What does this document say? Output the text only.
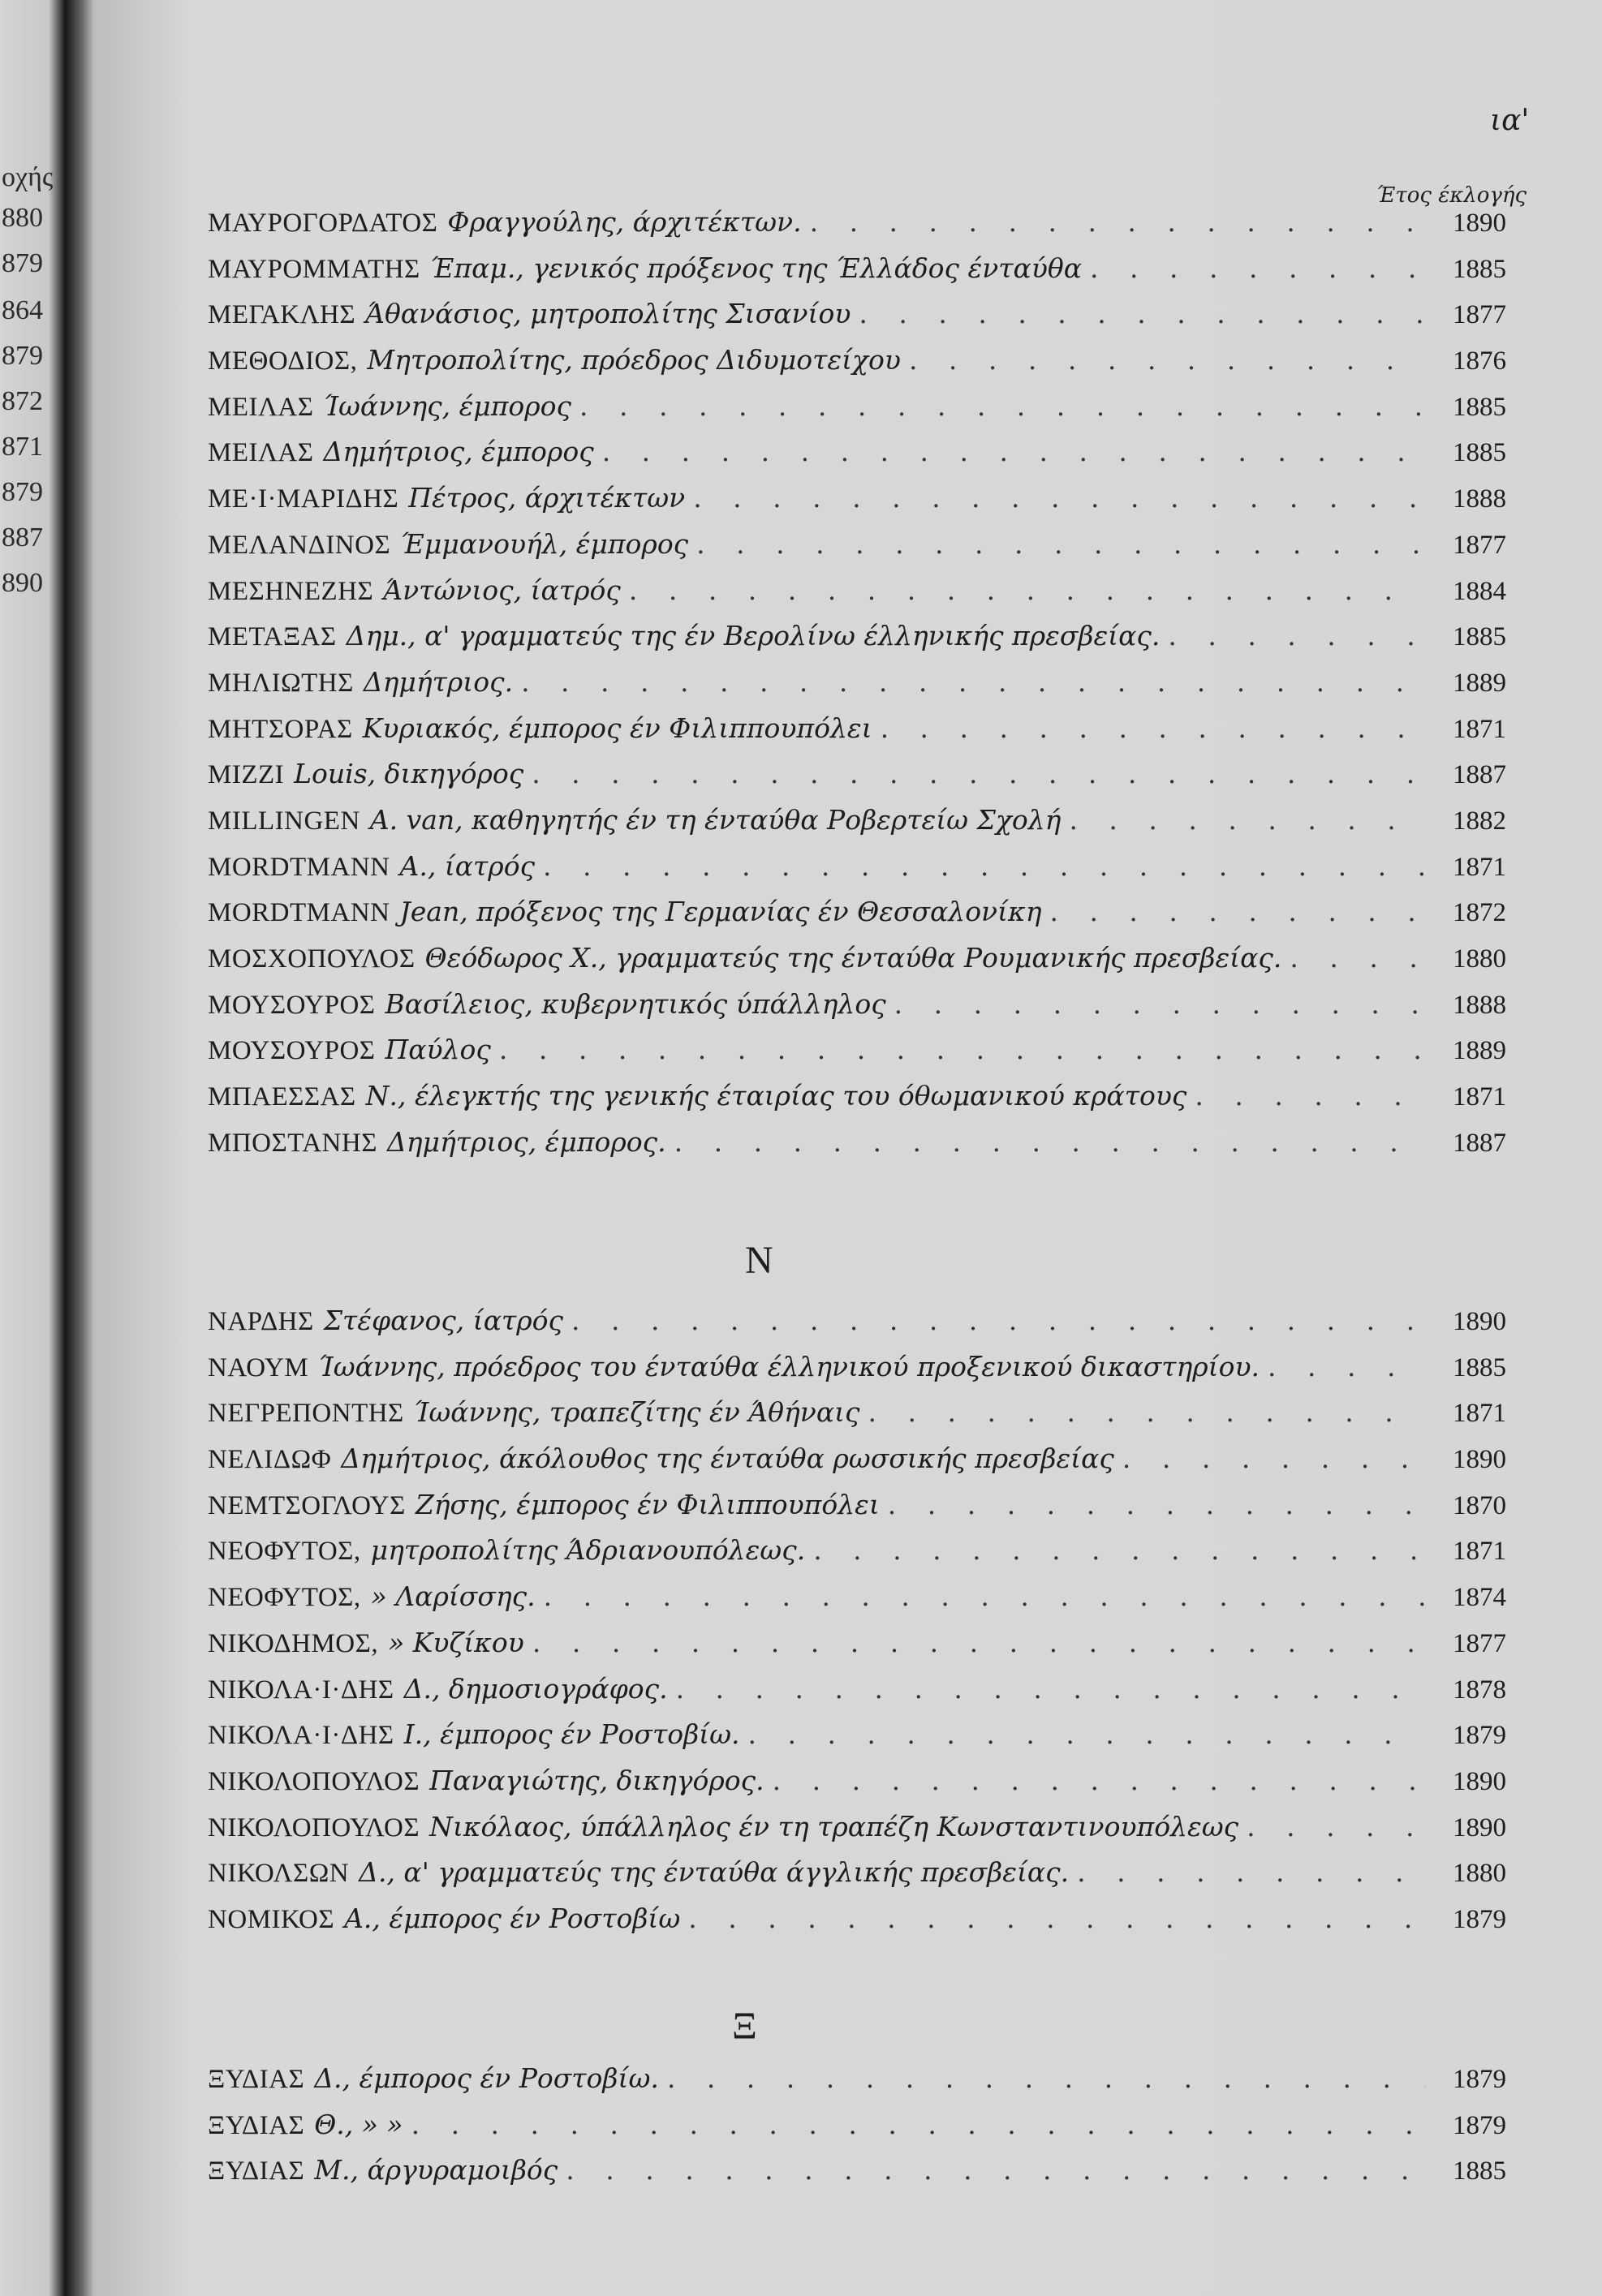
οχής
880
879
864
879
872
871
879
887
890
ια'
Έτος έκλογής
ΜΑΥΡΟΓΟΡΔΑΤΟΣ Φραγγούλης, άρχιτέκτων. . . .	1890
ΜΑΥΡΟΜΜΑΤΗΣ Έπαμ., γενικός πρόξενος της Έλλάδος ένταύθα . . .	1885
ΜΕΓΑΚΛΗΣ Άθανάσιος, μητροπολίτης Σισανίου . . .	1877
ΜΕΘΟΔΙΟΣ, Μητροπολίτης, πρόεδρος Διδυμοτείχου . . .	1876
ΜΕΙΛΑΣ Ίωάννης, έμπορος . . .	1885
ΜΕΙΛΑΣ Δημήτριος, έμπορος . . .	1885
ΜΕ·Ι·ΜΑΡΙΔΗΣ Πέτρος, άρχιτέκτων . . .	1888
ΜΕΛΑΝΔΙΝΟΣ Έμμανουήλ, έμπορος . . .	1877
ΜΕΣΗΝΕΖΗΣ Άντώνιος, ίατρός . . .	1884
ΜΕΤΑΞΑΣ Δημ., α' γραμματεύς της έν Βερολίνω έλληνικής πρεσβείας. . . .	1885
ΜΗΛΙΩΤΗΣ Δημήτριος. . . .	1889
ΜΗΤΣΟΡΑΣ Κυριακός, έμπορος έν Φιλιππουπόλει . . .	1871
MIZZI Louis, δικηγόρος . . .	1887
MILLINGEN A. van, καθηγητής έν τη ένταύθα Ροβερτείω Σχολή . . .	1882
MORDTMANN A., ίατρός . . .	1871
MORDTMANN Jean, πρόξενος της Γερμανίας έν Θεσσαλονίκη . . .	1872
ΜΟΣΧΟΠΟΥΛΟΣ Θεόδωρος Χ., γραμματεύς της ένταύθα Ρουμανικής πρεσβείας. . . .	1880
ΜΟΥΣΟΥΡΟΣ Βασίλειος, κυβερνητικός ύπάλληλος . . .	1888
ΜΟΥΣΟΥΡΟΣ Παύλος . . .	1889
ΜΠΑΕΣΣΑΣ Ν., έλεγκτής της γενικής έταιρίας του όθωμανικού κράτους . . .	1871
ΜΠΟΣΤΑΝΗΣ Δημήτριος, έμπορος. . . .	1887
N
ΝΑΡΔΗΣ Στέφανος, ίατρός . . .	1890
ΝΑΟΥΜ Ίωάννης, πρόεδρος του ένταύθα έλληνικού προξενικού δικαστηρίου. . . .	1885
ΝΕΓΡΕΠΟΝΤΗΣ Ίωάννης, τραπεζίτης έν Άθήναις . . .	1871
ΝΕΛΙΔΩΦ Δημήτριος, άκόλουθος της ένταύθα ρωσσικής πρεσβείας . . .	1890
ΝΕΜΤΣΟΓΛΟΥΣ Ζήσης, έμπορος έν Φιλιππουπόλει . . .	1870
ΝΕΟΦΥΤΟΣ, μητροπολίτης Άδριανουπόλεως. . . .	1871
ΝΕΟΦΥΤΟΣ, » Λαρίσσης. . . .	1874
ΝΙΚΟΔΗΜΟΣ, » Κυζίκου . . .	1877
ΝΙΚΟΛΑ·Ι·ΔΗΣ Δ., δημοσιογράφος. . . .	1878
ΝΙΚΟΛΑ·Ι·ΔΗΣ Ι., έμπορος έν Ροστοβίω. . . .	1879
ΝΙΚΟΛΟΠΟΥΛΟΣ Παναγιώτης, δικηγόρος. . . .	1890
ΝΙΚΟΛΟΠΟΥΛΟΣ Νικόλαος, ύπάλληλος έν τη τραπέζη Κωνσταντινουπόλεως . . .	1890
ΝΙΚΟΛΣΩΝ Δ., α' γραμματεύς της ένταύθα άγγλικής πρεσβείας. . . .	1880
ΝΟΜΙΚΟΣ Α., έμπορος έν Ροστοβίω . . .	1879
Ξ
ΞΥΔΙΑΣ Δ., έμπορος έν Ροστοβίω. . . .	1879
ΞΥΔΙΑΣ Θ., » » . . .	1879
ΞΥΔΙΑΣ Μ., άργυραμοιβός . . .	1885
